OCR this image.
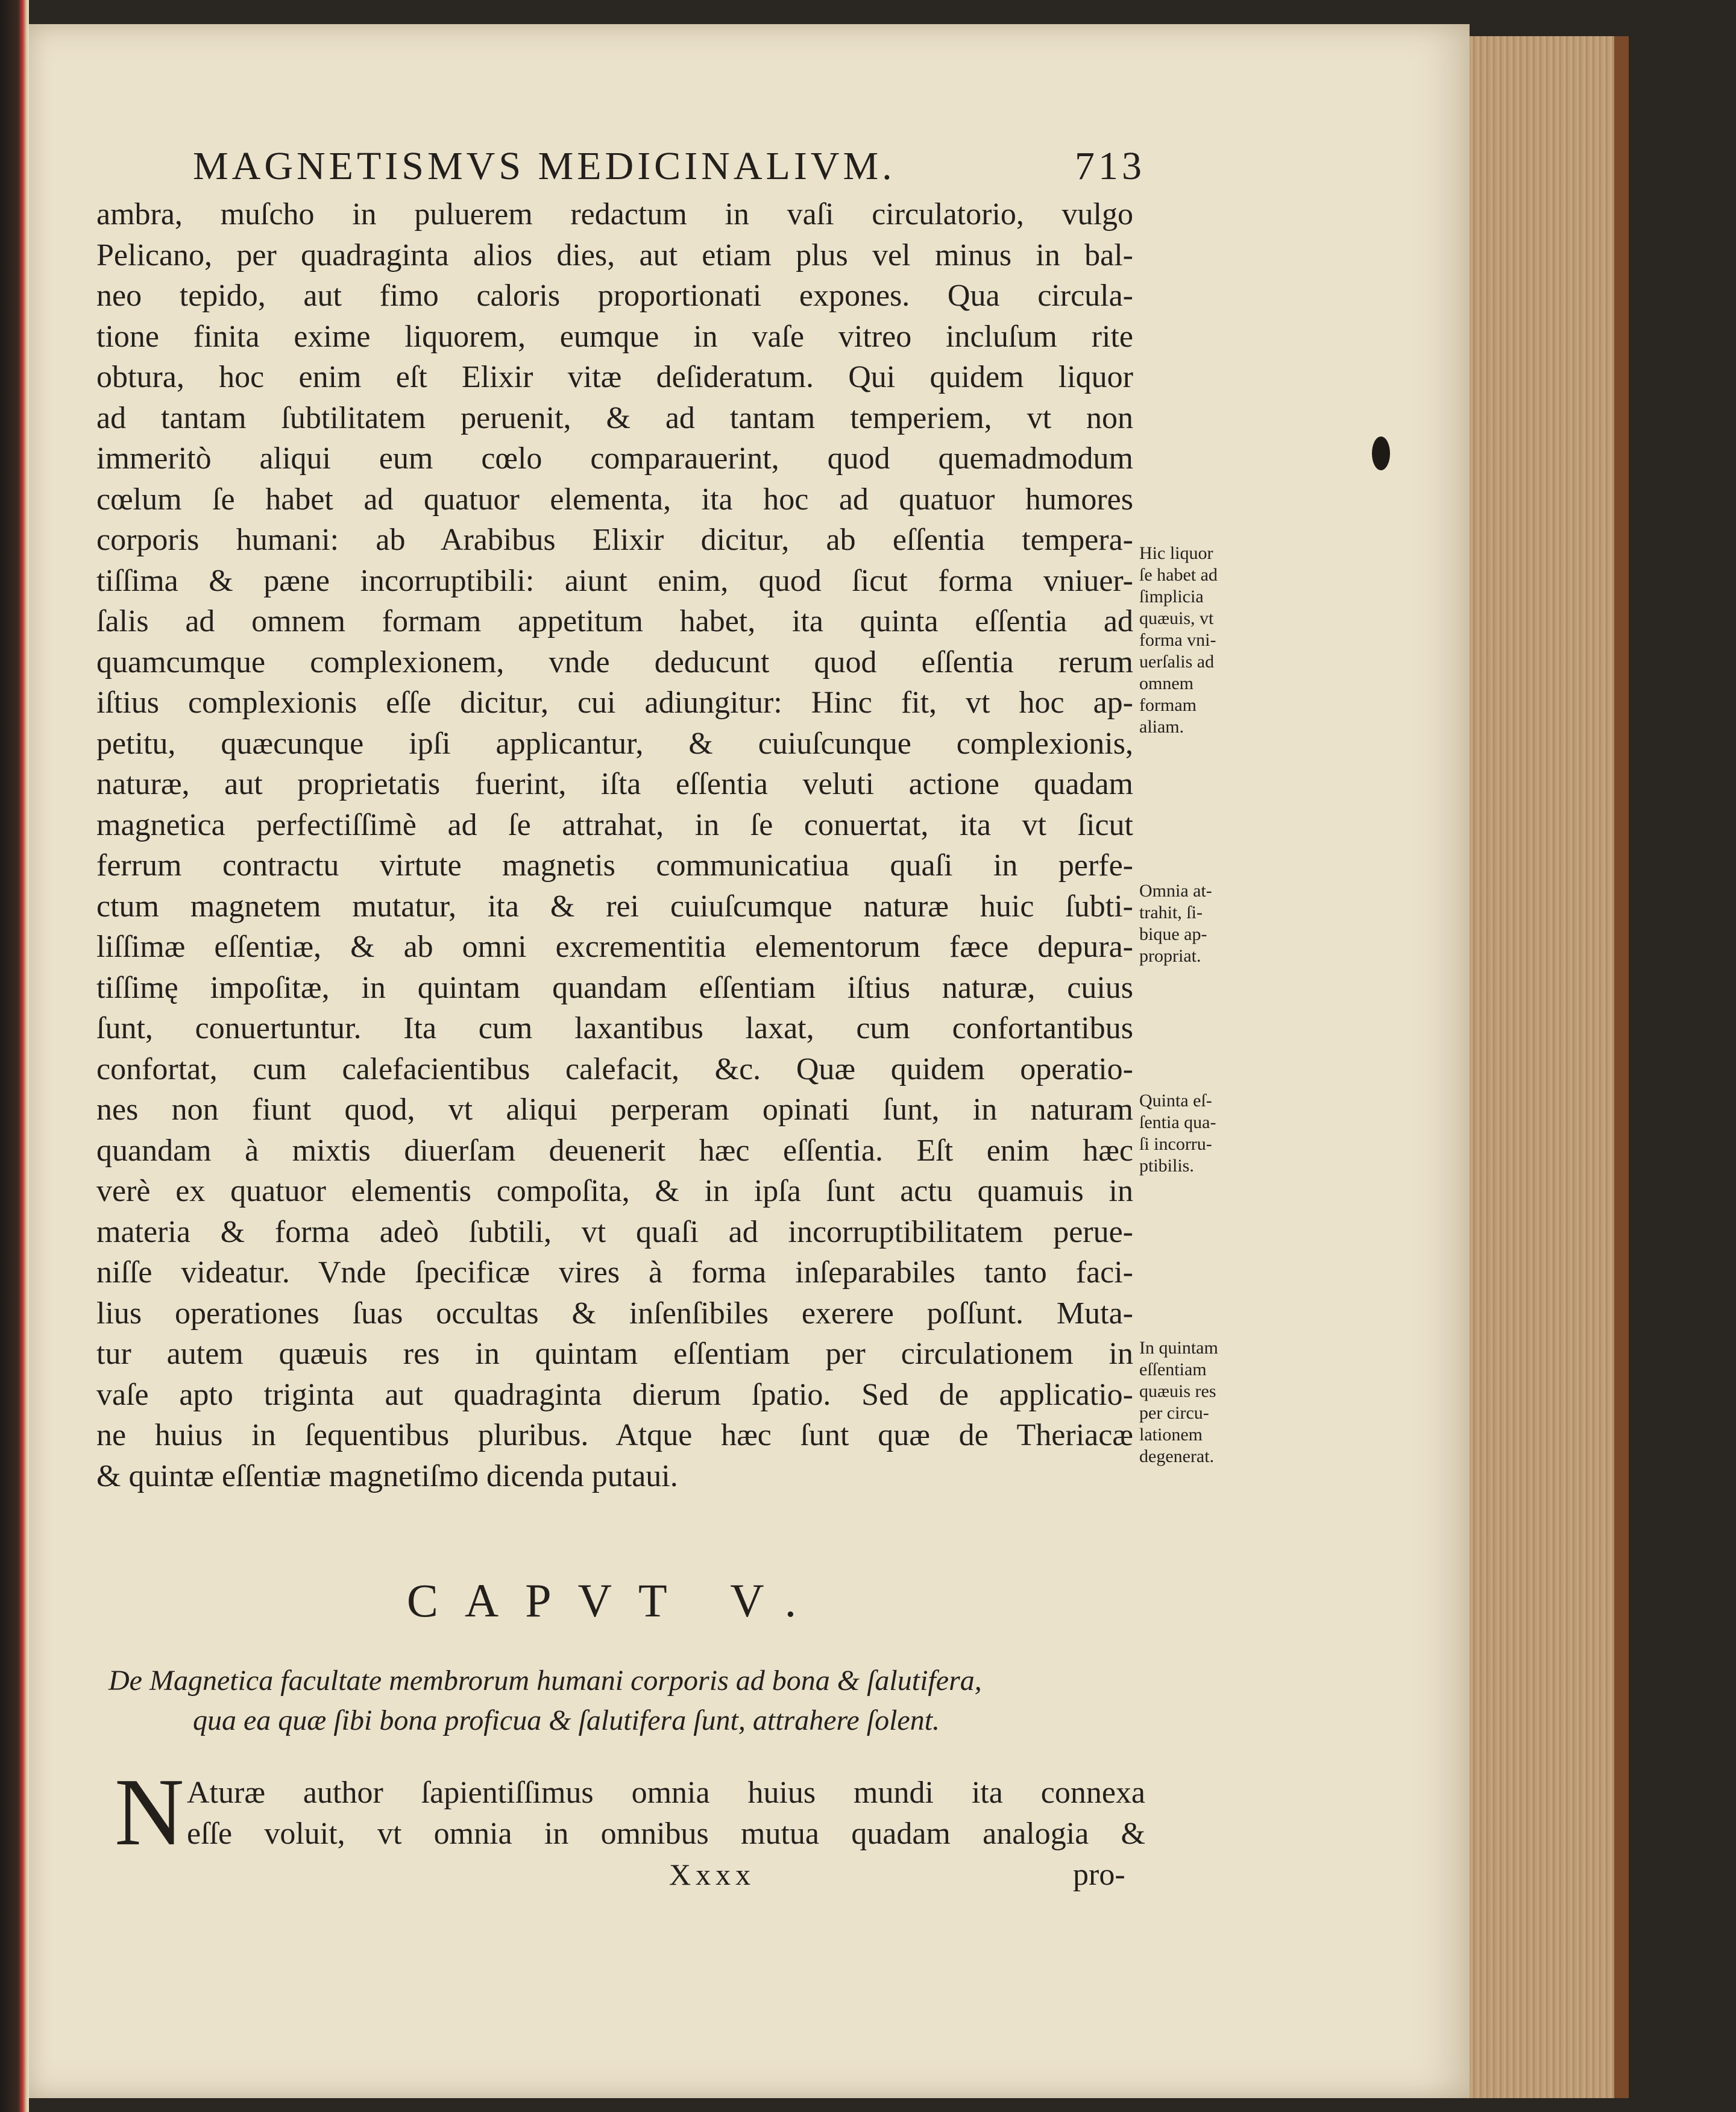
MAGNETISMVS MEDICINALIVM.	713
ambra, muſcho in puluerem redactum in vaſi circulatorio, vulgo
Pelicano, per quadraginta alios dies, aut etiam plus vel minus in bal-
neo tepido, aut fimo caloris proportionati expones. Qua circula-
tione finita exime liquorem, eumque in vaſe vitreo incluſum rite
obtura, hoc enim eſt Elixir vitæ deſideratum. Qui quidem liquor
ad tantam ſubtilitatem peruenit, & ad tantam temperiem, vt non
immeritò aliqui eum cœlo comparauerint, quod quemadmodum
cœlum ſe habet ad quatuor elementa, ita hoc ad quatuor humores
corporis humani: ab Arabibus Elixir dicitur, ab eſſentia tempera-
tiſſima & pæne incorruptibili: aiunt enim, quod ſicut forma vniuer-
ſalis ad omnem formam appetitum habet, ita quinta eſſentia ad
quamcumque complexionem, vnde deducunt quod eſſentia rerum
iſtius complexionis eſſe dicitur, cui adiungitur: Hinc fit, vt hoc ap-
petitu, quæcunque ipſi applicantur, & cuiuſcunque complexionis,
naturæ, aut proprietatis fuerint, iſta eſſentia veluti actione quadam
magnetica perfectiſſimè ad ſe attrahat, in ſe conuertat, ita vt ſicut
ferrum contractu virtute magnetis communicatiua quaſi in perfe-
ctum magnetem mutatur, ita & rei cuiuſcumque naturæ huic ſubti-
liſſimæ eſſentiæ, & ab omni excrementitia elementorum fæce depura-
tiſſimę impoſitæ, in quintam quandam eſſentiam iſtius naturæ, cuius
ſunt, conuertuntur. Ita cum laxantibus laxat, cum confortantibus
confortat, cum calefacientibus calefacit, &c. Quæ quidem operatio-
nes non fiunt quod, vt aliqui perperam opinati ſunt, in naturam
quandam à mixtis diuerſam deuenerit hæc eſſentia. Eſt enim hæc
verè ex quatuor elementis compoſita, & in ipſa ſunt actu quamuis in
materia & forma adeò ſubtili, vt quaſi ad incorruptibilitatem perue-
niſſe videatur. Vnde ſpecificæ vires à forma inſeparabiles tanto faci-
lius operationes ſuas occultas & inſenſibiles exerere poſſunt. Muta-
tur autem quæuis res in quintam eſſentiam per circulationem in
vaſe apto triginta aut quadraginta dierum ſpatio. Sed de applicatio-
ne huius in ſequentibus pluribus. Atque hæc ſunt quæ de Theriacæ
& quintæ eſſentiæ magnetiſmo dicenda putaui.
Hic liquor
ſe habet ad
ſimplicia
quæuis, vt
forma vni-
uerſalis ad
omnem
formam
aliam.
Omnia at-
trahit, ſi-
bique ap-
propriat.
Quinta eſ-
ſentia qua-
ſi incorru-
ptibilis.
In quintam
eſſentiam
quæuis res
per circu-
lationem
degenerat.
CAPVT V.
De Magnetica facultate membrorum humani corporis ad bona & ſalutifera,
qua ea quæ ſibi bona proficua & ſalutifera ſunt, attrahere ſolent.
N Aturæ author ſapientiſſimus omnia huius mundi ita connexa
eſſe voluit, vt omnia in omnibus mutua quadam analogia &
Xxxx	pro-
